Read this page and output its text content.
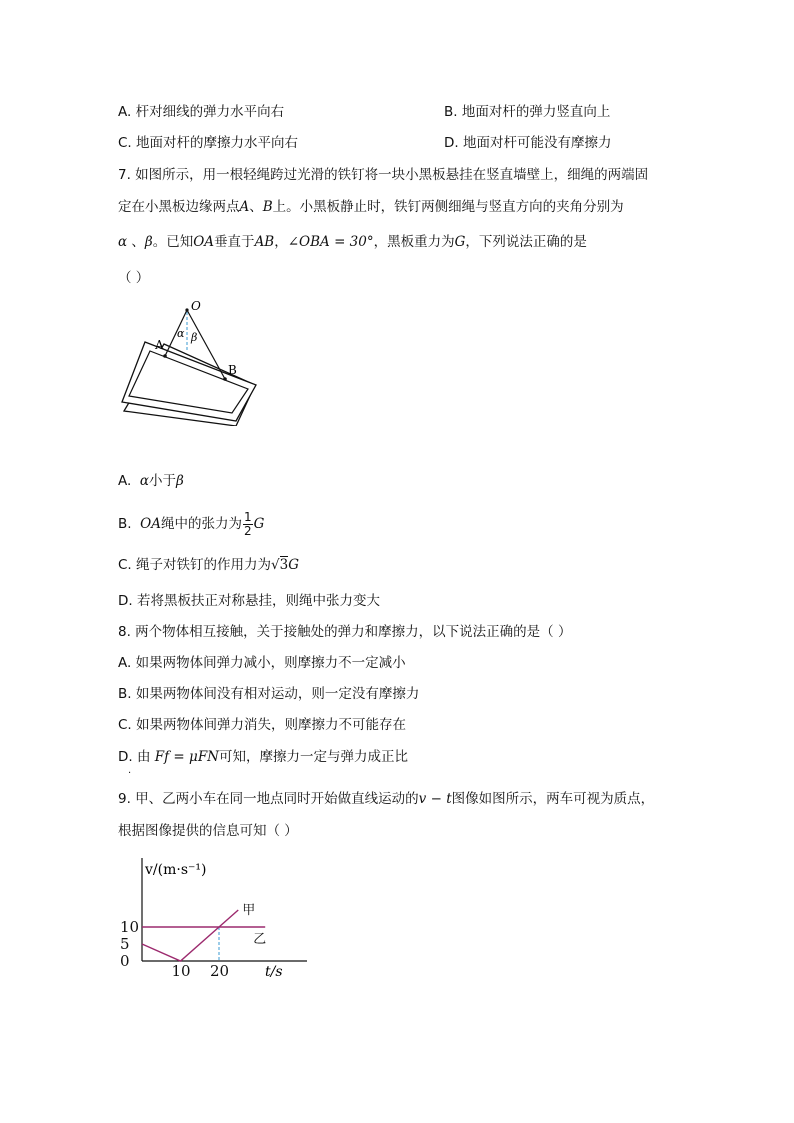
A. 杆对细线的弹力水平向右	B. 地面对杆的弹力竖直向上
C. 地面对杆的摩擦力水平向右	D. 地面对杆可能没有摩擦力
7. 如图所示，用一根轻绳跨过光滑的铁钉将一块小黑板悬挂在竖直墙壁上，细绳的两端固
定在小黑板边缘两点A、B上。小黑板静止时，铁钉两侧细绳与竖直方向的夹角分别为
α 、β。已知OA垂直于AB，∠OBA = 30°，黑板重力为G，下列说法正确的是
（ ）
O
α β
A
B
A. α小于β
B. OA绳中的张力为 $\frac{1}{2}$ G
C. 绳子对铁钉的作用力为√3G
D. 若将黑板扶正对称悬挂，则绳中张力变大
8. 两个物体相互接触，关于接触处的弹力和摩擦力，以下说法正确的是（ ）
A. 如果两物体间弹力减小，则摩擦力不一定减小
B. 如果两物体间没有相对运动，则一定没有摩擦力
C. 如果两物体间弹力消失，则摩擦力不可能存在
D. 由 Ff = μFN可知，摩擦力一定与弹力成正比
.
9. 甲、乙两小车在同一地点同时开始做直线运动的v − t图像如图所示，两车可视为质点，
根据图像提供的信息可知（ ）
v/(m·s⁻¹)
t/s
甲
乙
0
5
10
10 20
